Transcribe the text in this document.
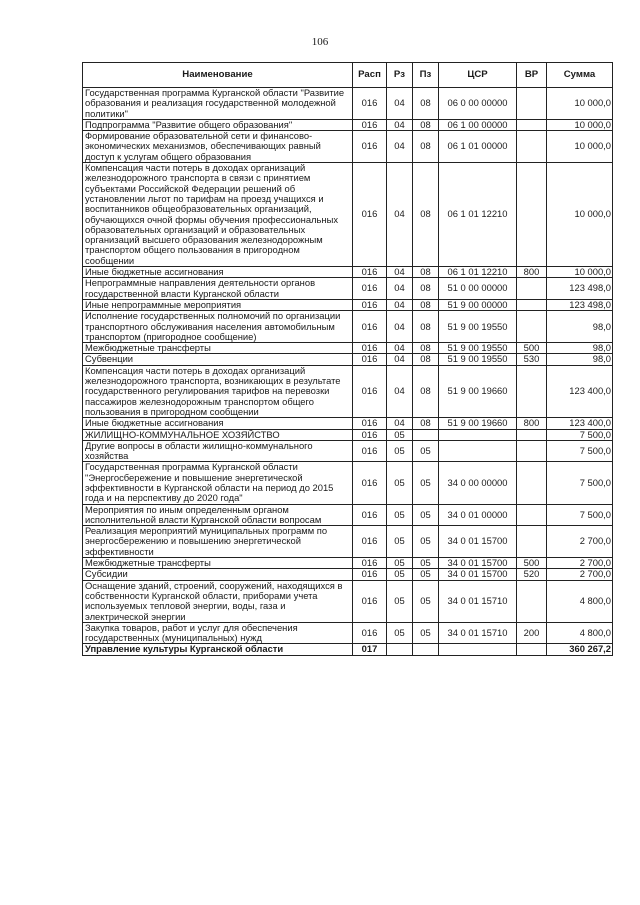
106
Наименование	Расп	Рз	Пз	ЦСР	ВР	Сумма
Государственная программа Курганской области "Развитие образования и реализация государственной молодежной политики"	016	04	08	06 0 00 00000		10 000,0
Подпрограмма "Развитие общего образования"	016	04	08	06 1 00 00000		10 000,0
Формирование образовательной сети и финансово-экономических механизмов, обеспечивающих равный доступ к услугам общего образования	016	04	08	06 1 01 00000		10 000,0
Компенсация части потерь в доходах организаций железнодорожного транспорта в связи с принятием субъектами Российской Федерации решений об установлении льгот по тарифам на проезд учащихся и воспитанников общеобразовательных организаций, обучающихся очной формы обучения профессиональных образовательных организаций и образовательных организаций высшего образования железнодорожным транспортом общего пользования в пригородном сообщении	016	04	08	06 1 01 12210		10 000,0
Иные бюджетные ассигнования	016	04	08	06 1 01 12210	800	10 000,0
Непрограммные направления деятельности органов государственной власти Курганской области	016	04	08	51 0 00 00000		123 498,0
Иные непрограммные мероприятия	016	04	08	51 9 00 00000		123 498,0
Исполнение государственных полномочий по организации транспортного обслуживания населения автомобильным транспортом (пригородное сообщение)	016	04	08	51 9 00 19550		98,0
Межбюджетные трансферты	016	04	08	51 9 00 19550	500	98,0
Субвенции	016	04	08	51 9 00 19550	530	98,0
Компенсация части потерь в доходах организаций железнодорожного транспорта, возникающих в результате государственного регулирования тарифов на перевозки пассажиров железнодорожным транспортом общего пользования в пригородном сообщении	016	04	08	51 9 00 19660		123 400,0
Иные бюджетные ассигнования	016	04	08	51 9 00 19660	800	123 400,0
ЖИЛИЩНО-КОММУНАЛЬНОЕ ХОЗЯЙСТВО	016	05				7 500,0
Другие вопросы в области жилищно-коммунального хозяйства	016	05	05			7 500,0
Государственная программа Курганской области "Энергосбережение и повышение энергетической эффективности в Курганской области на период до 2015 года и на перспективу до 2020 года"	016	05	05	34 0 00 00000		7 500,0
Мероприятия по иным определенным органом исполнительной власти Курганской области вопросам	016	05	05	34 0 01 00000		7 500,0
Реализация мероприятий муниципальных программ по энергосбережению и повышению энергетической эффективности	016	05	05	34 0 01 15700		2 700,0
Межбюджетные трансферты	016	05	05	34 0 01 15700	500	2 700,0
Субсидии	016	05	05	34 0 01 15700	520	2 700,0
Оснащение зданий, строений, сооружений, находящихся в собственности Курганской области, приборами учета используемых тепловой энергии, воды, газа и электрической энергии	016	05	05	34 0 01 15710		4 800,0
Закупка товаров, работ и услуг для обеспечения государственных (муниципальных) нужд	016	05	05	34 0 01 15710	200	4 800,0
Управление культуры Курганской области	017					360 267,2
